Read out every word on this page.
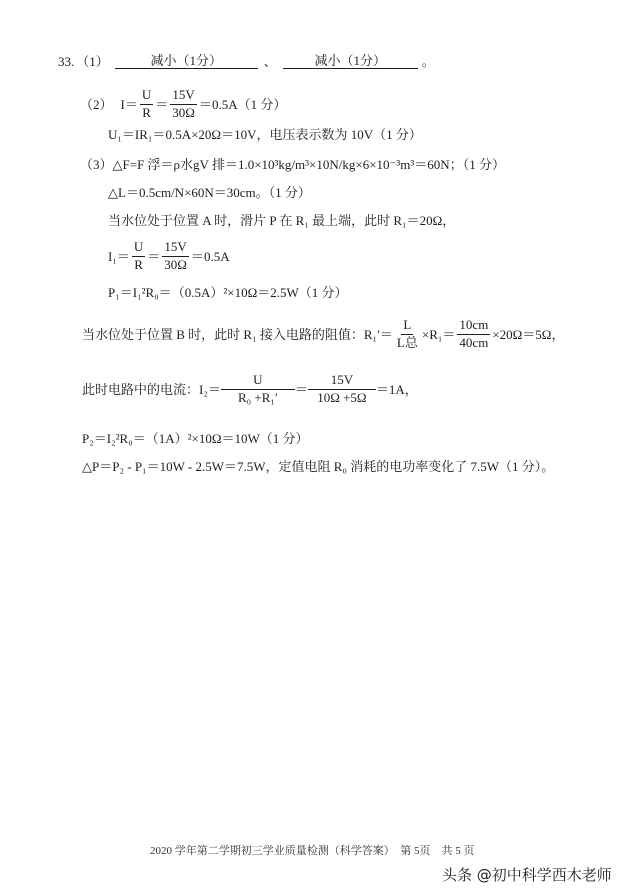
33. （1）	减小（1分）	、	减小（1分）	。
（2） $I= \frac{U}{R} = \frac{15V}{30\Omega} =0.5A(1$ 分）
U₁＝IR₁＝0.5A×20Ω＝10V，电压表示数为 10V（1 分）
（3） △F=F 浮＝ρ水gV 排＝1.0×10³kg/m³×10N/kg×6×10⁻³m³＝60N；（1 分）
△L＝0.5cm/N×60N＝30cm。（1 分）
当水位处于位置 A 时，滑片 P 在 R₁ 最上端，此时 R₁＝20Ω，
$I_1= \frac{U}{R} = \frac{15V}{30\Omega} =0.5A$
P₁＝I₁²R₀＝（0.5A）²×10Ω＝2.5W（1 分）
当水位处于位置 B 时，此时 R₁ 接入电路的阻值：$R_1'= \frac{L}{\text{L总}} \times R_1= \frac{10cm}{40cm} \times 20\Omega=5\Omega$，
此时电路中的电流：$I_2= \frac{U}{\text{R₀ +R₁′}} = \frac{15V}{10\Omega +5\Omega} =1A$，
P₂＝I₂²R₀＝（1A）²×10Ω＝10W（1 分）
△P＝P₂ - P₁＝10W - 2.5W＝7.5W，定值电阻 R₀ 消耗的电功率变化了 7.5W（1 分）。
2020 学年第二学期初三学业质量检测（科学答案）　第 5页　共 5 页
头条 @初中科学西木老师
